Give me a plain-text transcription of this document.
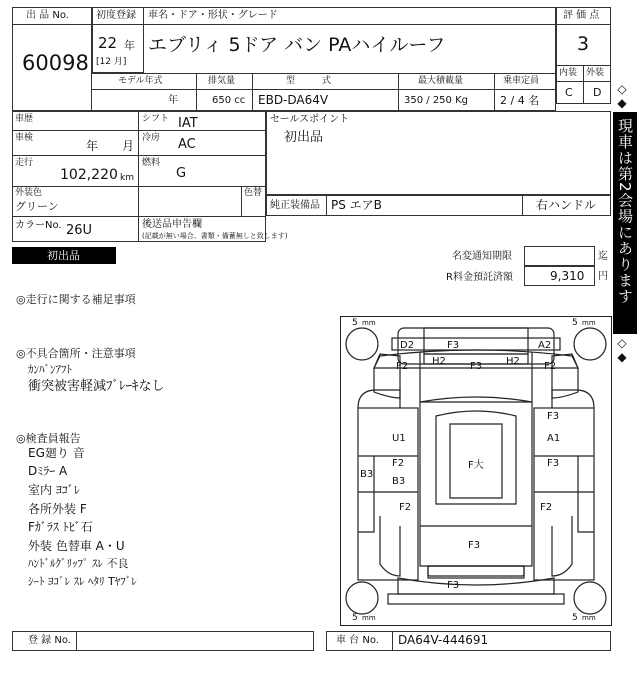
出 品 No.
60098
初度登録
22 年
[12 月]
車名・ドア・形状・グレード
エブリィ 5ドア バン PAハイルーフ
モデル年式
年
排気量
650 cc
型　　　式
EBD-DA64V
最大積載量
350 / 250 Kg
乗車定員
2 / 4 名
評 価 点
3
内装 外装
C D ◇◆
現車は第2会場にあります
◇◆
車歴
車検
年　　月
走行
102,220 km
シフト IAT
冷房 AC
燃料
G
外装色
グリーン
色替
カラーNo. 26U	後送品申告欄
(記載が無い場合、書類・備蓄無しと致します)
セールスポイント
初出品
純正装備品 PS エアB	右ハンドル
初出品	名変通知期限	迄
R料金預託済額	9,310 円
◎走行に関する補足事項
◎不具合箇所・注意事項
ｶﾝﾊﾞﾝｱﾌﾄ
衝突被害軽減ﾌﾞﾚｰｷなし
◎検査員報告
EG廻り 音
Dﾐﾗｰ A
室内 ﾖｺﾞﾚ
各所外装 F
Fｶﾞﾗｽ ﾄﾋﾞ石
外装 色替車 A・U
ﾊﾝﾄﾞﾙｸﾞﾘｯﾌﾟ ｽﾚ 不良
ｼｰﾄ ﾖｺﾞﾚ ｽﾚ ﾍﾀﾘ Tﾔﾌﾞﾚ
5 mm	5 mm
5 mm	5 mm
D2	F3	A2
H2	H2
F2	F3	F2
F3
A1
U1
F2
B3
F大	F3
B3
F2	F2
F3
F3
登 録 No.	車 台 No. DA64V-444691
